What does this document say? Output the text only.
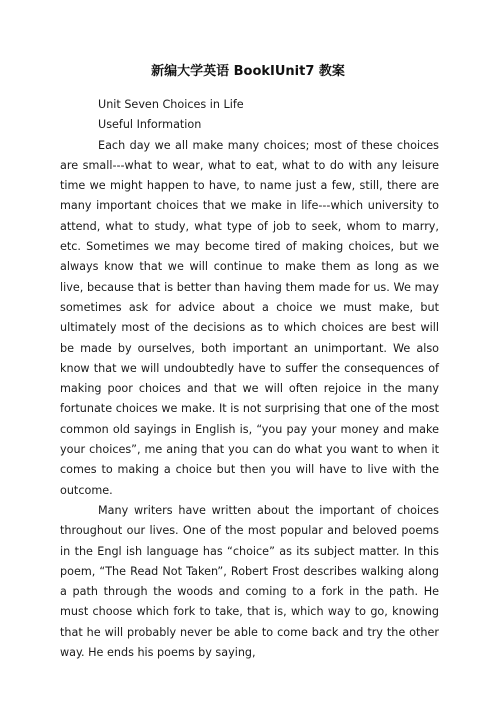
新编大学英语 BookIUnit7 教案

Unit Seven Choices in Life

Useful Information

Each day we all make many choices; most of these choices are small---what to wear, what to eat, what to do with any leisure time we might happen to have, to name just a few, still, there are many important choices that we make in life---which university to attend, what to study, what type of job to seek, whom to marry, etc. Sometimes we may become tired of making choices, but we always know that we will continue to make them as long as we live, because that is better than having them made for us. We may sometimes ask for advice about a choice we must make, but ultimately most of the decisions as to which choices are best will be made by ourselves, both important an unimportant. We also know that we will undoubtedly have to suffer the consequences of making poor choices and that we will often rejoice in the many fortunate choices we make. It is not surprising that one of the most common old sayings in English is, “you pay your money and make your choices”, me aning that you can do what you want to when it comes to making a choice but then you will have to live with the outcome.

Many writers have written about the important of choices throughout our lives. One of the most popular and beloved poems in the Engl ish language has “choice” as its subject matter. In this poem, “The Read Not Taken”, Robert Frost describes walking along a path through the woods and coming to a fork in the path. He must choose which fork to take, that is, which way to go, knowing that he will probably never be able to come back and try the other way. He ends his poems by saying,
